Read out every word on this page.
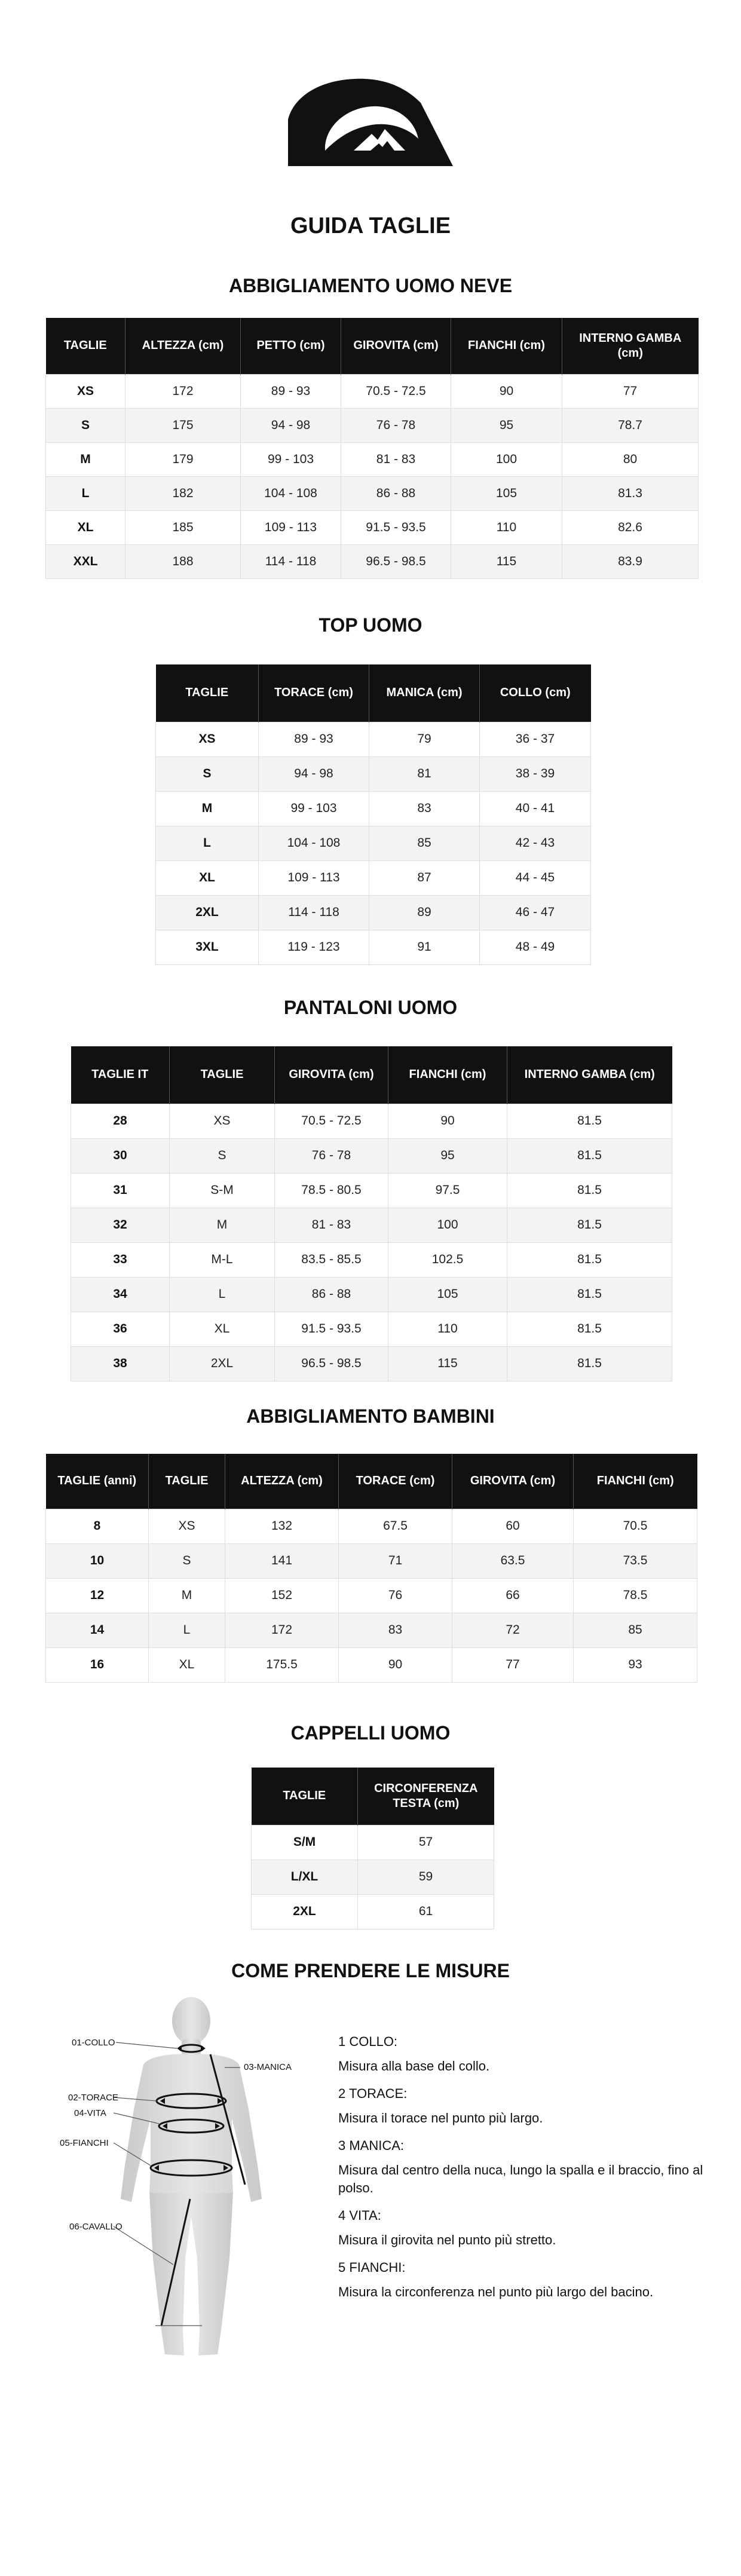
GUIDA TAGLIE
ABBIGLIAMENTO UOMO NEVE
TAGLIE	ALTEZZA (cm)	PETTO (cm)	GIROVITA (cm)	FIANCHI (cm)	INTERNO GAMBA (cm)
XS	172	89 - 93	70.5 - 72.5	90	77
S	175	94 - 98	76 - 78	95	78.7
M	179	99 - 103	81 - 83	100	80
L	182	104 - 108	86 - 88	105	81.3
XL	185	109 - 113	91.5 - 93.5	110	82.6
XXL	188	114 - 118	96.5 - 98.5	115	83.9
TOP UOMO
TAGLIE	TORACE (cm)	MANICA (cm)	COLLO (cm)
XS	89 - 93	79	36 - 37
S	94 - 98	81	38 - 39
M	99 - 103	83	40 - 41
L	104 - 108	85	42 - 43
XL	109 - 113	87	44 - 45
2XL	114 - 118	89	46 - 47
3XL	119 - 123	91	48 - 49
PANTALONI UOMO
TAGLIE IT	TAGLIE	GIROVITA (cm)	FIANCHI (cm)	INTERNO GAMBA (cm)
28	XS	70.5 - 72.5	90	81.5
30	S	76 - 78	95	81.5
31	S-M	78.5 - 80.5	97.5	81.5
32	M	81 - 83	100	81.5
33	M-L	83.5 - 85.5	102.5	81.5
34	L	86 - 88	105	81.5
36	XL	91.5 - 93.5	110	81.5
38	2XL	96.5 - 98.5	115	81.5
ABBIGLIAMENTO BAMBINI
TAGLIE (anni)	TAGLIE	ALTEZZA (cm)	TORACE (cm)	GIROVITA (cm)	FIANCHI (cm)
8	XS	132	67.5	60	70.5
10	S	141	71	63.5	73.5
12	M	152	76	66	78.5
14	L	172	83	72	85
16	XL	175.5	90	77	93
CAPPELLI UOMO
TAGLIE	CIRCONFERENZA TESTA (cm)
S/M	57
L/XL	59
2XL	61
COME PRENDERE LE MISURE
01-COLLO
03-MANICA
02-TORACE
04-VITA
05-FIANCHI
06-CAVALLO
1 COLLO:
Misura alla base del collo.
2 TORACE:
Misura il torace nel punto più largo.
3 MANICA:
Misura dal centro della nuca, lungo la spalla e il braccio, fino al polso.
4 VITA:
Misura il girovita nel punto più stretto.
5 FIANCHI:
Misura la circonferenza nel punto più largo del bacino.
